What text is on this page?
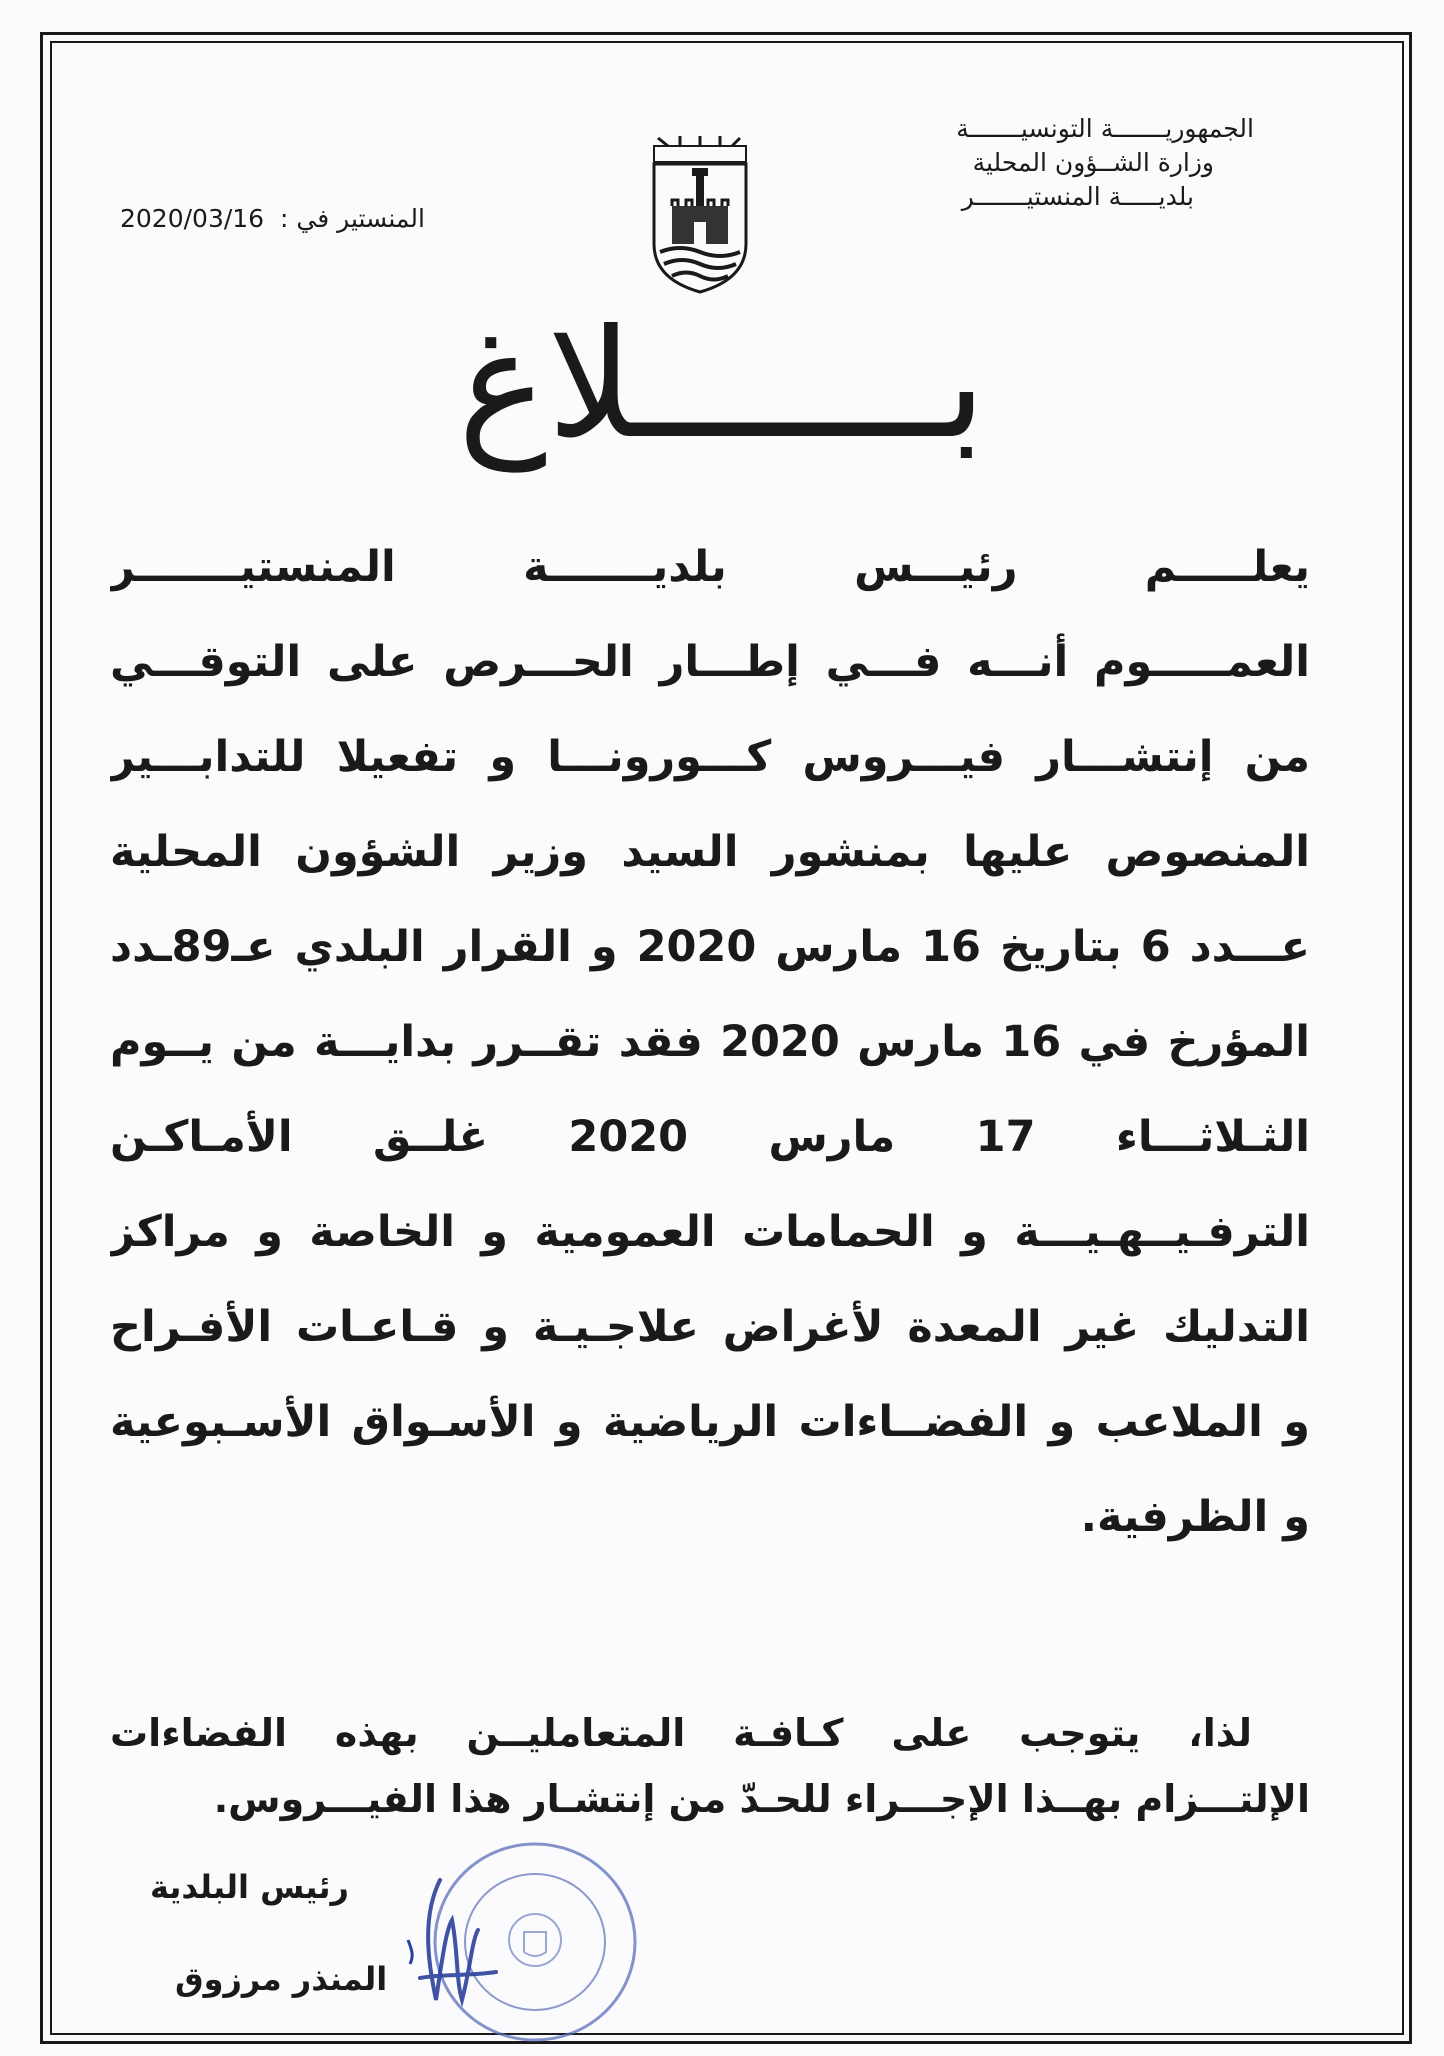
الجمهوريـــــــة التونسيـــــــة
وزارة الشــؤون المحلية
بلديـــــة المنستيـــــــر
المنستير في : 2020/03/16
بـــــــلاغ
يعلـــــم رئيـــس بلديـــــــة المنستيـــــــر
العمـــــوم أنـــه فـــي إطـــار الحـــرص على التوقـــي
من إنتشـــار فيـــروس كـــورونـــا و تفعيلا للتدابـــير
المنصوص عليها بمنشور السيد وزير الشؤون المحلية
عـــدد 6 بتاريخ 16 مارس 2020 و القرار البلدي عـ89ـدد
المؤرخ في 16 مارس 2020 فقد تقــرر بدايـــة من يــوم
الثـلاثـــاء 17 مارس 2020 غلــق الأمـاكـن
الترفـيــهـيـــة و الحمامات العمومية و الخاصة و مراكز
التدليك غير المعدة لأغراض علاجـيـة و قـاعـات الأفـراح
و الملاعب و الفضــاءات الرياضية و الأسـواق الأسـبوعية
و الظرفية.
لذا، يتوجب على كـافـة المتعامليــن بهذه الفضاءات
الإلتـــزام بهــذا الإجـــراء للحـدّ من إنتشـار هذا الفيـــروس.
رئيس البلدية
المنذر مرزوق
